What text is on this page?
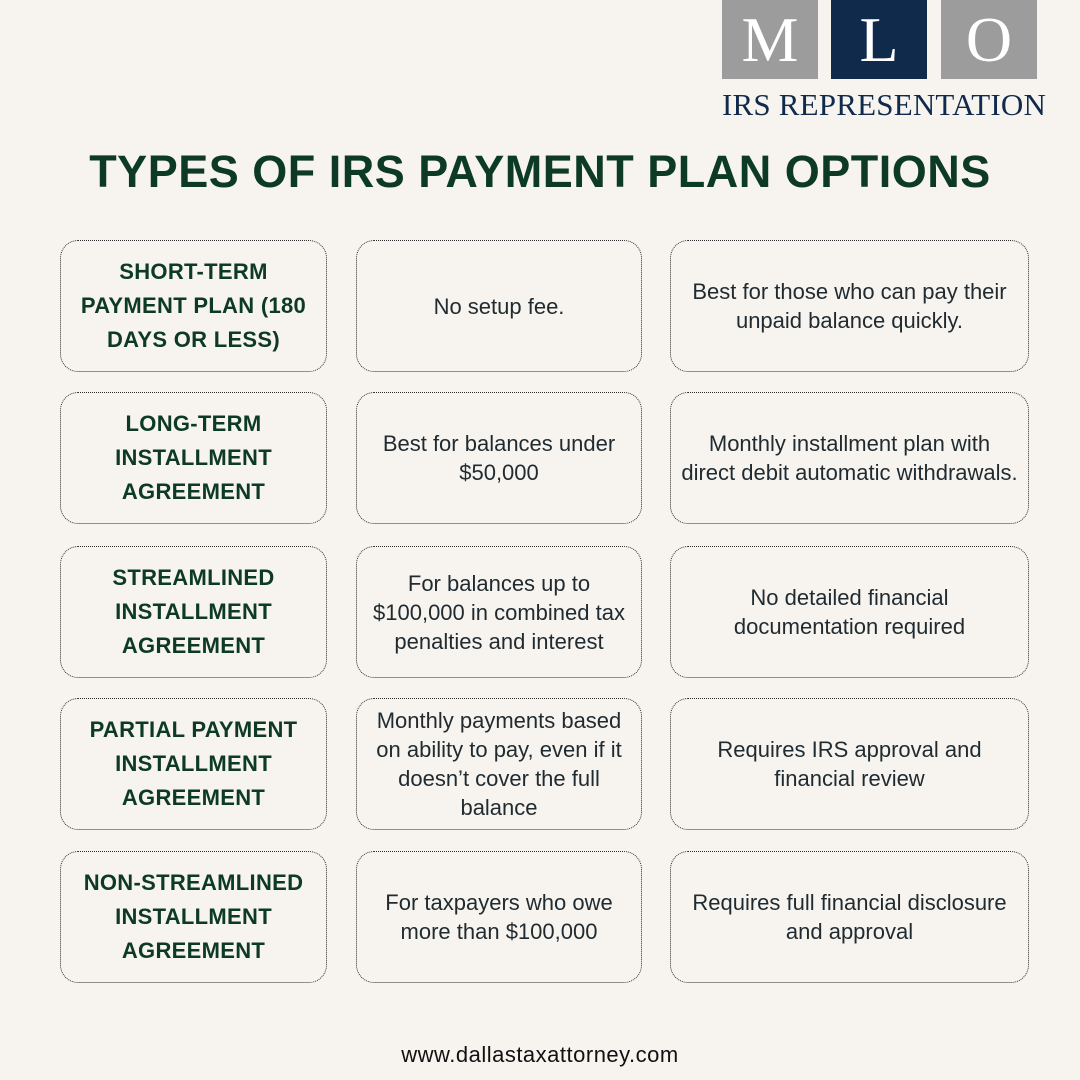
M L	O
IRS REPRESENTATION
TYPES OF IRS PAYMENT PLAN OPTIONS
SHORT-TERM PAYMENT PLAN (180 DAYS OR LESS)
No setup fee.
Best for those who can pay their unpaid balance quickly.
LONG-TERM INSTALLMENT AGREEMENT
Best for balances under $50,000
Monthly installment plan with direct debit automatic withdrawals.
STREAMLINED INSTALLMENT AGREEMENT
For balances up to $100,000 in combined tax penalties and interest
No detailed financial documentation required
PARTIAL PAYMENT INSTALLMENT AGREEMENT
Monthly payments based on ability to pay, even if it doesn’t cover the full balance
Requires IRS approval and financial review
NON-STREAMLINED INSTALLMENT AGREEMENT
For taxpayers who owe more than $100,000
Requires full financial disclosure and approval
www.dallastaxattorney.com
